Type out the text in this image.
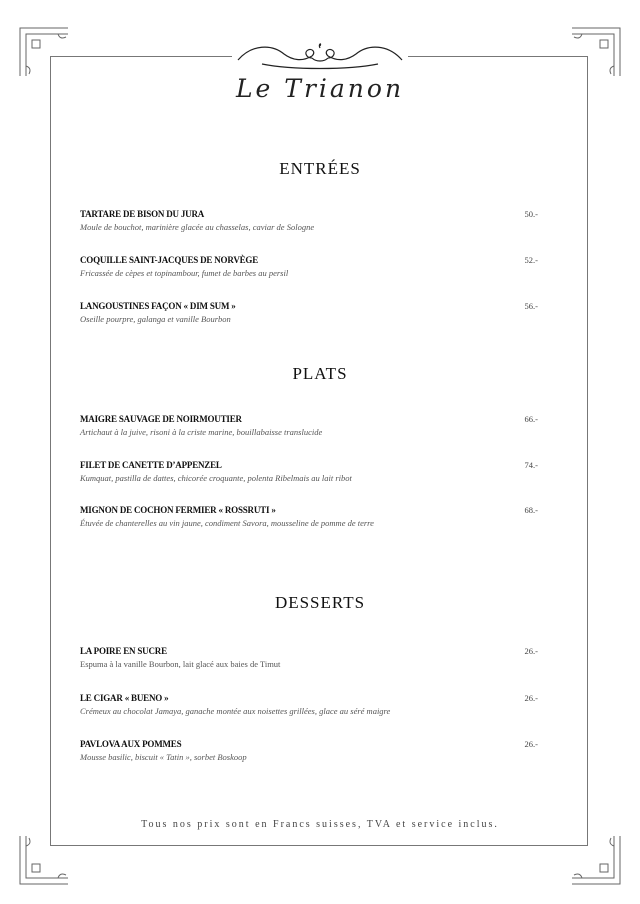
Le Trianon
ENTRÉES
TARTARE DE BISON DU JURA
Moule de bouchot, marinière glacée au chasselas, caviar de Sologne
50.-
COQUILLE SAINT-JACQUES DE NORVÈGE
Fricassée de cèpes et topinambour, fumet de barbes au persil
52.-
LANGOUSTINES FAÇON « DIM SUM »
Oseille pourpre, galanga et vanille Bourbon
56.-
PLATS
MAIGRE SAUVAGE DE NOIRMOUTIER
Artichaut à la juive, risoni à la criste marine, bouillabaisse translucide
66.-
FILET DE CANETTE D’APPENZEL
Kumquat, pastilla de dattes, chicorée croquante, polenta Ribelmais au lait ribot
74.-
MIGNON DE COCHON FERMIER « ROSSRUTI »
Étuvée de chanterelles au vin jaune, condiment Savora, mousseline de pomme de terre
68.-
DESSERTS
LA POIRE EN SUCRE
Espuma à la vanille Bourbon, lait glacé aux baies de Timut
26.-
LE CIGAR « BUENO »
Crémeux au chocolat Jamaya, ganache montée aux noisettes grillées, glace au séré maigre
26.-
PAVLOVA AUX POMMES
Mousse basilic, biscuit « Tatin », sorbet Boskoop
26.-
Tous nos prix sont en Francs suisses, TVA et service inclus.
